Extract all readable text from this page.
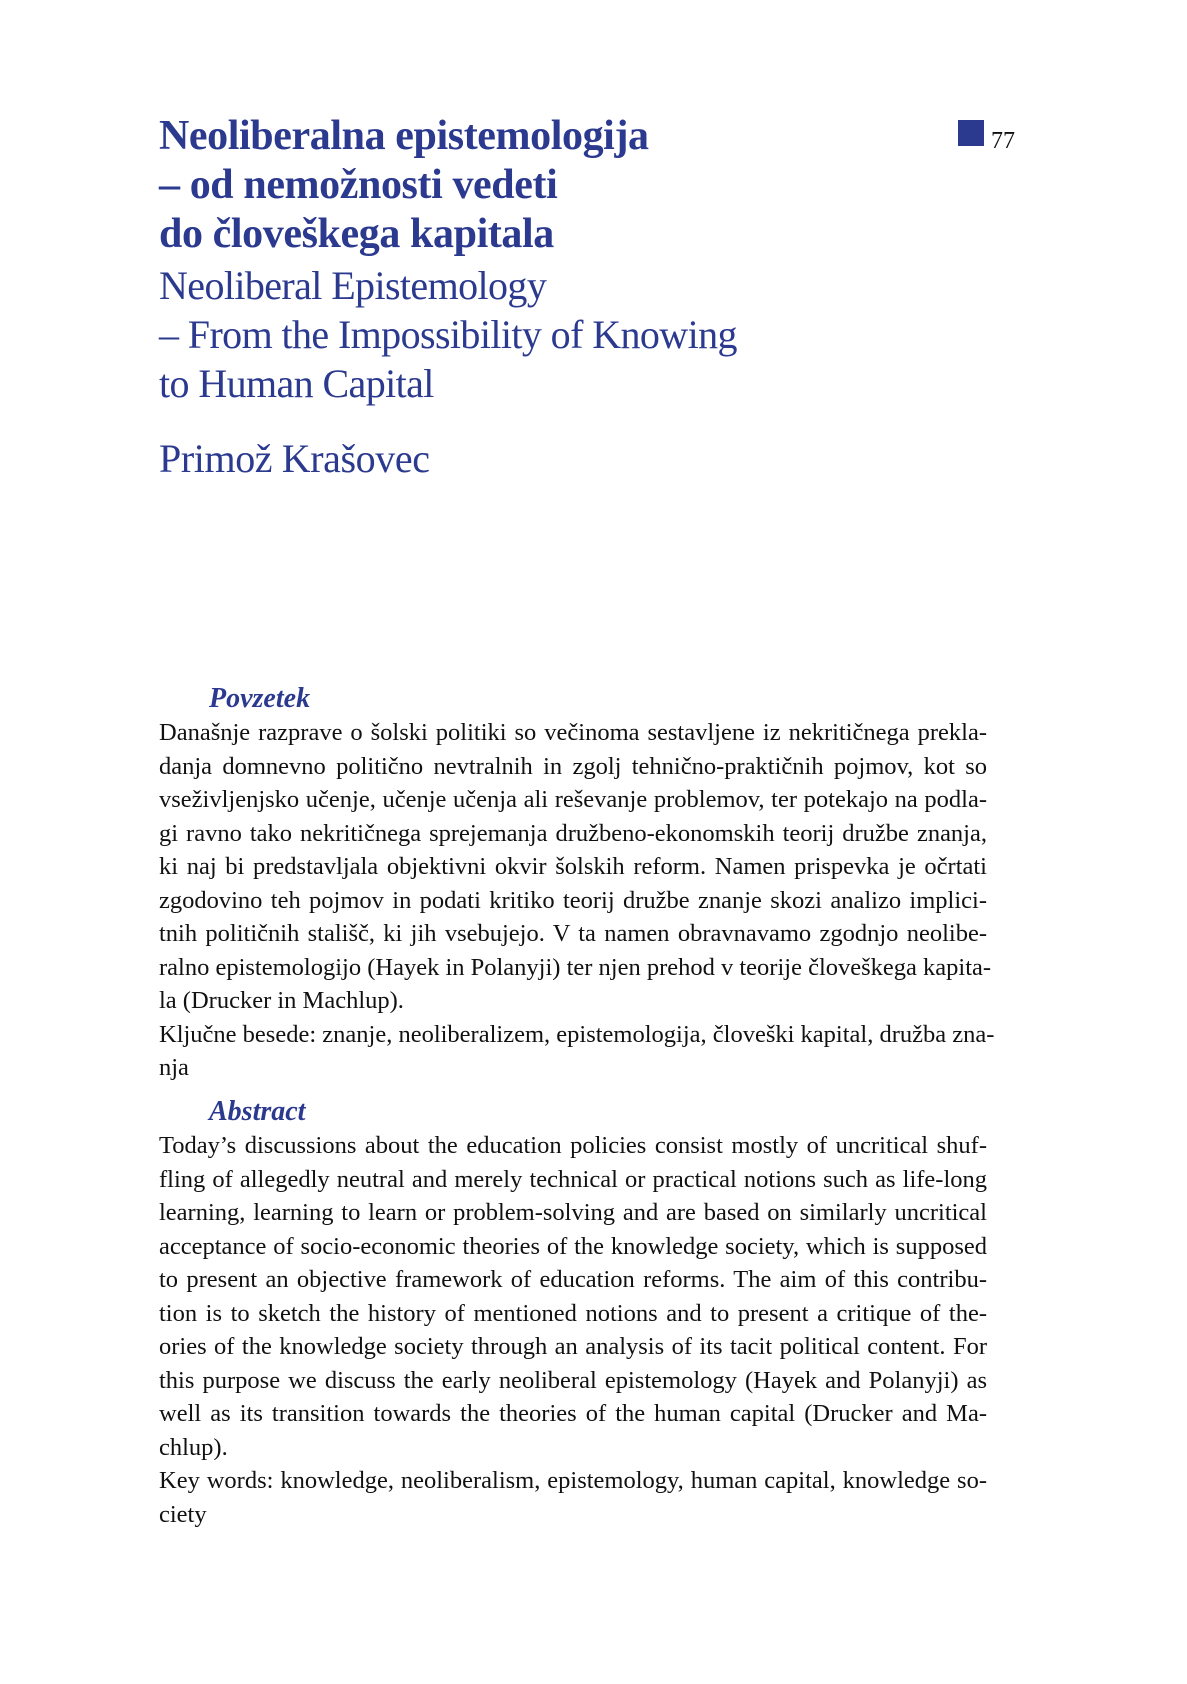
77
Neoliberalna epistemologija
– od nemožnosti vedeti
do človeškega kapitala
Neoliberal Epistemology
– From the Impossibility of Knowing
to Human Capital

Primož Krašovec

Povzetek

Današnje razprave o šolski politiki so večinoma sestavljene iz nekritičnega prekla-
danja domnevno politično nevtralnih in zgolj tehnično-praktičnih pojmov, kot so
vseživljenjsko učenje, učenje učenja ali reševanje problemov, ter potekajo na podla-
gi ravno tako nekritičnega sprejemanja družbeno-ekonomskih teorij družbe znanja,
ki naj bi predstavljala objektivni okvir šolskih reform. Namen prispevka je očrtati
zgodovino teh pojmov in podati kritiko teorij družbe znanje skozi analizo implici-
tnih političnih stališč, ki jih vsebujejo. V ta namen obravnavamo zgodnjo neolibe-
ralno epistemologijo (Hayek in Polanyji) ter njen prehod v teorije človeškega kapita-

la (Drucker in Machlup).

Ključne besede: znanje, neoliberalizem, epistemologija, človeški kapital, družba zna-

nja

Abstract

Today’s discussions about the education policies consist mostly of uncritical shuf-
fling of allegedly neutral and merely technical or practical notions such as life-long
learning, learning to learn or problem-solving and are based on similarly uncritical
acceptance of socio-economic theories of the knowledge society, which is supposed
to present an objective framework of education reforms. The aim of this contribu-
tion is to sketch the history of mentioned notions and to present a critique of the-
ories of the knowledge society through an analysis of its tacit political content. For
this purpose we discuss the early neoliberal epistemology (Hayek and Polanyji) as
well as its transition towards the theories of the human capital (Drucker and Ma-

chlup).

Key words: knowledge, neoliberalism, epistemology, human capital, knowledge so-

ciety
